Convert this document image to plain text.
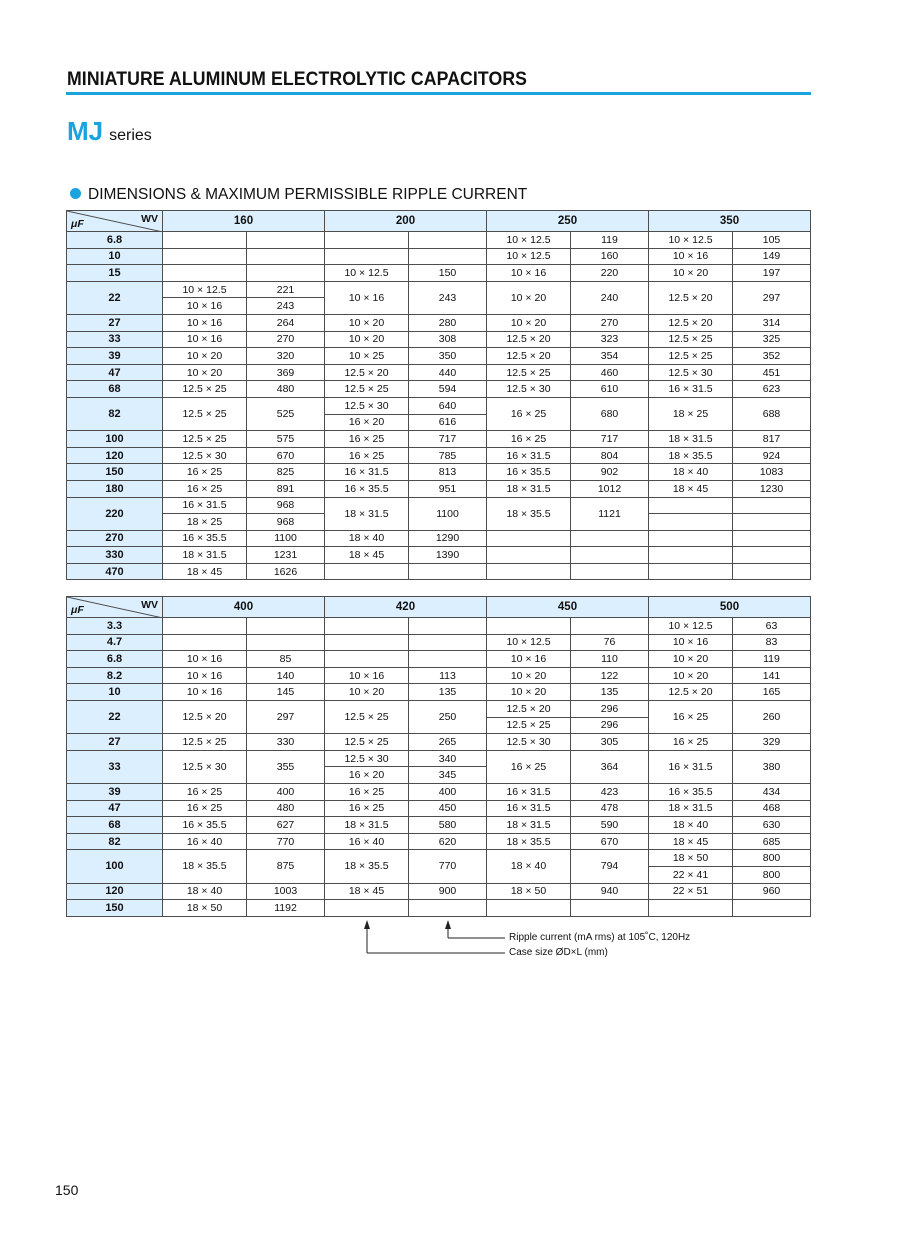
MINIATURE ALUMINUM ELECTROLYTIC CAPACITORS
MJ series
DIMENSIONS & MAXIMUM PERMISSIBLE RIPPLE CURRENT
WV
μF	160		200		250		350	
6.8					10 × 12.5	119	10 × 12.5	105
10					10 × 12.5	160	10 × 16	149
15			10 × 12.5	150	10 × 16	220	10 × 20	197
22	10 × 12.5	221	10 × 16	243	10 × 20	240	12.5 × 20	297
	10 × 16	243						
27	10 × 16	264	10 × 20	280	10 × 20	270	12.5 × 20	314
33	10 × 16	270	10 × 20	308	12.5 × 20	323	12.5 × 25	325
39	10 × 20	320	10 × 25	350	12.5 × 20	354	12.5 × 25	352
47	10 × 20	369	12.5 × 20	440	12.5 × 25	460	12.5 × 30	451
68	12.5 × 25	480	12.5 × 25	594	12.5 × 30	610	16 × 31.5	623
82	12.5 × 25	525	12.5 × 30	640	16 × 25	680	18 × 25	688
			16 × 20	616				
100	12.5 × 25	575	16 × 25	717	16 × 25	717	18 × 31.5	817
120	12.5 × 30	670	16 × 25	785	16 × 31.5	804	18 × 35.5	924
150	16 × 25	825	16 × 31.5	813	16 × 35.5	902	18 × 40	1083
180	16 × 25	891	16 × 35.5	951	18 × 31.5	1012	18 × 45	1230
220	16 × 31.5	968	18 × 31.5	1100	18 × 35.5	1121		
	18 × 25	968						
270	16 × 35.5	1100	18 × 40	1290				
330	18 × 31.5	1231	18 × 45	1390				
470	18 × 45	1626						
WV
μF	400		420		450		500	
3.3							10 × 12.5	63
4.7					10 × 12.5	76	10 × 16	83
6.8	10 × 16	85			10 × 16	110	10 × 20	119
8.2	10 × 16	140	10 × 16	113	10 × 20	122	10 × 20	141
10	10 × 16	145	10 × 20	135	10 × 20	135	12.5 × 20	165
22	12.5 × 20	297	12.5 × 25	250	12.5 × 20	296	16 × 25	260
					12.5 × 25	296		
27	12.5 × 25	330	12.5 × 25	265	12.5 × 30	305	16 × 25	329
33	12.5 × 30	355	12.5 × 30	340	16 × 25	364	16 × 31.5	380
			16 × 20	345				
39	16 × 25	400	16 × 25	400	16 × 31.5	423	16 × 35.5	434
47	16 × 25	480	16 × 25	450	16 × 31.5	478	18 × 31.5	468
68	16 × 35.5	627	18 × 31.5	580	18 × 31.5	590	18 × 40	630
82	16 × 40	770	16 × 40	620	18 × 35.5	670	18 × 45	685
100	18 × 35.5	875	18 × 35.5	770	18 × 40	794	18 × 50	800
							22 × 41	800
120	18 × 40	1003	18 × 45	900	18 × 50	940	22 × 51	960
150	18 × 50	1192						
Ripple current (mA rms) at 105˚C, 120Hz
Case size ØD×L (mm)
150
